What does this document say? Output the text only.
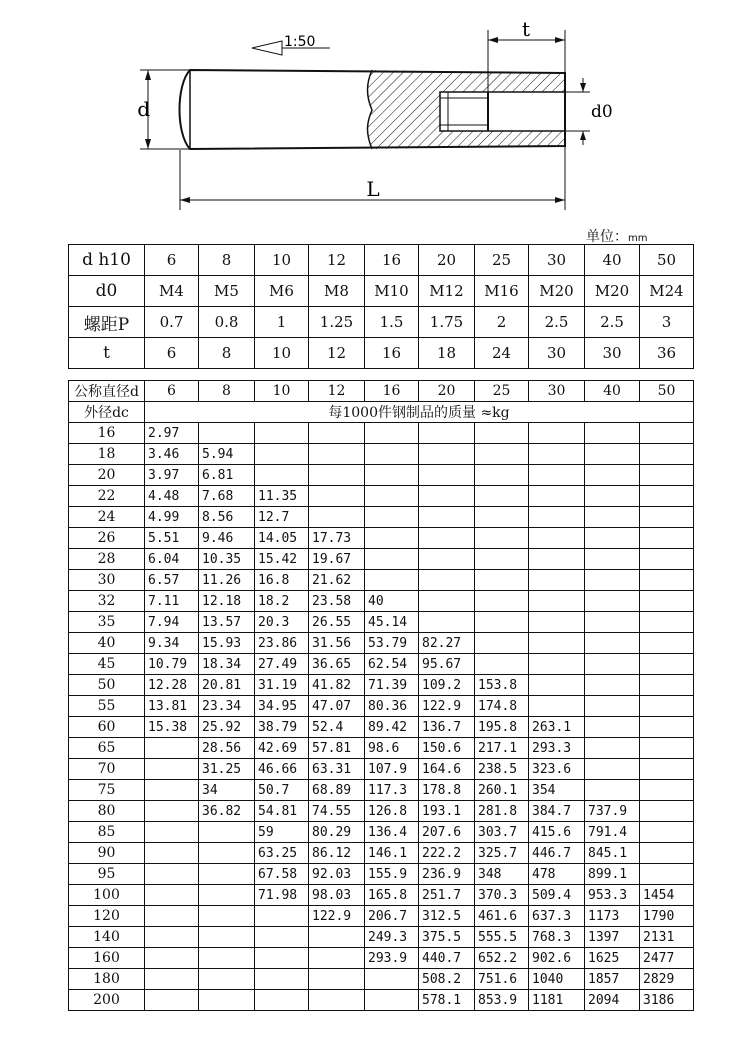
d	d0
L
t
1:50
单位：mm
d h10	6	8	10	12	16	20	25	30	40	50
d0	M4	M5	M6	M8	M10	M12	M16	M20	M20	M24
螺距P	0.7	0.8	1	1.25	1.5	1.75	2	2.5	2.5	3
t	6	8	10	12	16	18	24	30	30	36
公称直径d	6	8	10	12	16	20	25	30	40	50
外径dc	每1000件钢制品的质量 ≈kg									
16	2.97									
18	3.46	5.94								
20	3.97	6.81								
22	4.48	7.68	11.35							
24	4.99	8.56	12.7							
26	5.51	9.46	14.05	17.73						
28	6.04	10.35	15.42	19.67						
30	6.57	11.26	16.8	21.62						
32	7.11	12.18	18.2	23.58	40					
35	7.94	13.57	20.3	26.55	45.14					
40	9.34	15.93	23.86	31.56	53.79	82.27				
45	10.79	18.34	27.49	36.65	62.54	95.67				
50	12.28	20.81	31.19	41.82	71.39	109.2	153.8			
55	13.81	23.34	34.95	47.07	80.36	122.9	174.8			
60	15.38	25.92	38.79	52.4	89.42	136.7	195.8	263.1		
65		28.56	42.69	57.81	98.6	150.6	217.1	293.3		
70		31.25	46.66	63.31	107.9	164.6	238.5	323.6		
75		34	50.7	68.89	117.3	178.8	260.1	354		
80		36.82	54.81	74.55	126.8	193.1	281.8	384.7	737.9	
85			59	80.29	136.4	207.6	303.7	415.6	791.4	
90			63.25	86.12	146.1	222.2	325.7	446.7	845.1	
95			67.58	92.03	155.9	236.9	348	478	899.1	
100			71.98	98.03	165.8	251.7	370.3	509.4	953.3	1454
120				122.9	206.7	312.5	461.6	637.3	1173	1790
140					249.3	375.5	555.5	768.3	1397	2131
160					293.9	440.7	652.2	902.6	1625	2477
180						508.2	751.6	1040	1857	2829
200						578.1	853.9	1181	2094	3186
